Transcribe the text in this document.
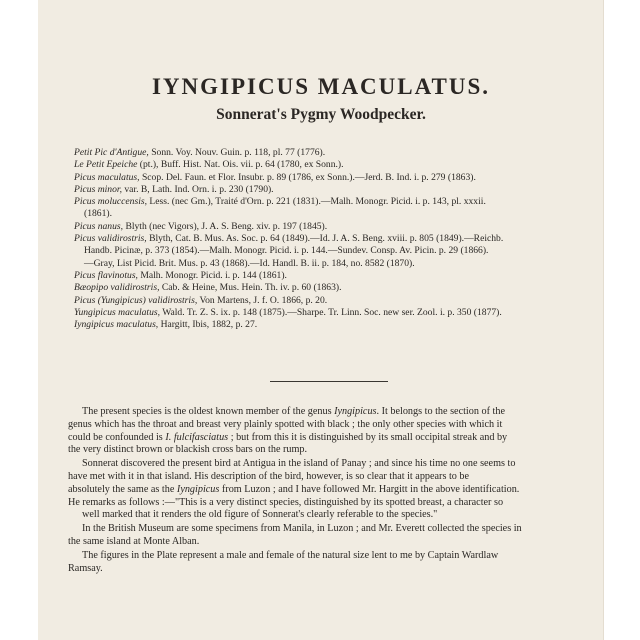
IYNGIPICUS MACULATUS.
Sonnerat's Pygmy Woodpecker.
Petit Pic d'Antigue, Sonn. Voy. Nouv. Guin. p. 118, pl. 77 (1776).
Le Petit Epeiche (pt.), Buff. Hist. Nat. Ois. vii. p. 64 (1780, ex Sonn.).
Picus maculatus, Scop. Del. Faun. et Flor. Insubr. p. 89 (1786, ex Sonn.).—Jerd. B. Ind. i. p. 279 (1863).
Picus minor, var. B, Lath. Ind. Orn. i. p. 230 (1790).
Picus moluccensis, Less. (nec Gm.), Traité d'Orn. p. 221 (1831).—Malh. Monogr. Picid. i. p. 143, pl. xxxii.
(1861).
Picus nanus, Blyth (nec Vigors), J. A. S. Beng. xiv. p. 197 (1845).
Picus validirostris, Blyth, Cat. B. Mus. As. Soc. p. 64 (1849).—Id. J. A. S. Beng. xviii. p. 805 (1849).—Reichb.
Handb. Picinæ, p. 373 (1854).—Malh. Monogr. Picid. i. p. 144.—Sundev. Consp. Av. Picin. p. 29 (1866).
—Gray, List Picid. Brit. Mus. p. 43 (1868).—Id. Handl. B. ii. p. 184, no. 8582 (1870).
Picus flavinotus, Malh. Monogr. Picid. i. p. 144 (1861).
Bæopipo validirostris, Cab. & Heine, Mus. Hein. Th. iv. p. 60 (1863).
Picus (Yungipicus) validirostris, Von Martens, J. f. O. 1866, p. 20.
Yungipicus maculatus, Wald. Tr. Z. S. ix. p. 148 (1875).—Sharpe. Tr. Linn. Soc. new ser. Zool. i. p. 350 (1877).
Iyngipicus maculatus, Hargitt, Ibis, 1882, p. 27.
The present species is the oldest known member of the genus Iyngipicus. It belongs to the section of the
genus which has the throat and breast very plainly spotted with black ; the only other species with which it
could be confounded is I. fulcifasciatus ; but from this it is distinguished by its small occipital streak and by
the very distinct brown or blackish cross bars on the rump.
Sonnerat discovered the present bird at Antigua in the island of Panay ; and since his time no one seems to
have met with it in that island. His description of the bird, however, is so clear that it appears to be
absolutely the same as the Iyngipicus from Luzon ; and I have followed Mr. Hargitt in the above identification.
He remarks as follows :—"This is a very distinct species, distinguished by its spotted breast, a character so
well marked that it renders the old figure of Sonnerat's clearly referable to the species."
In the British Museum are some specimens from Manila, in Luzon ; and Mr. Everett collected the species in
the same island at Monte Alban.
The figures in the Plate represent a male and female of the natural size lent to me by Captain Wardlaw
Ramsay.
